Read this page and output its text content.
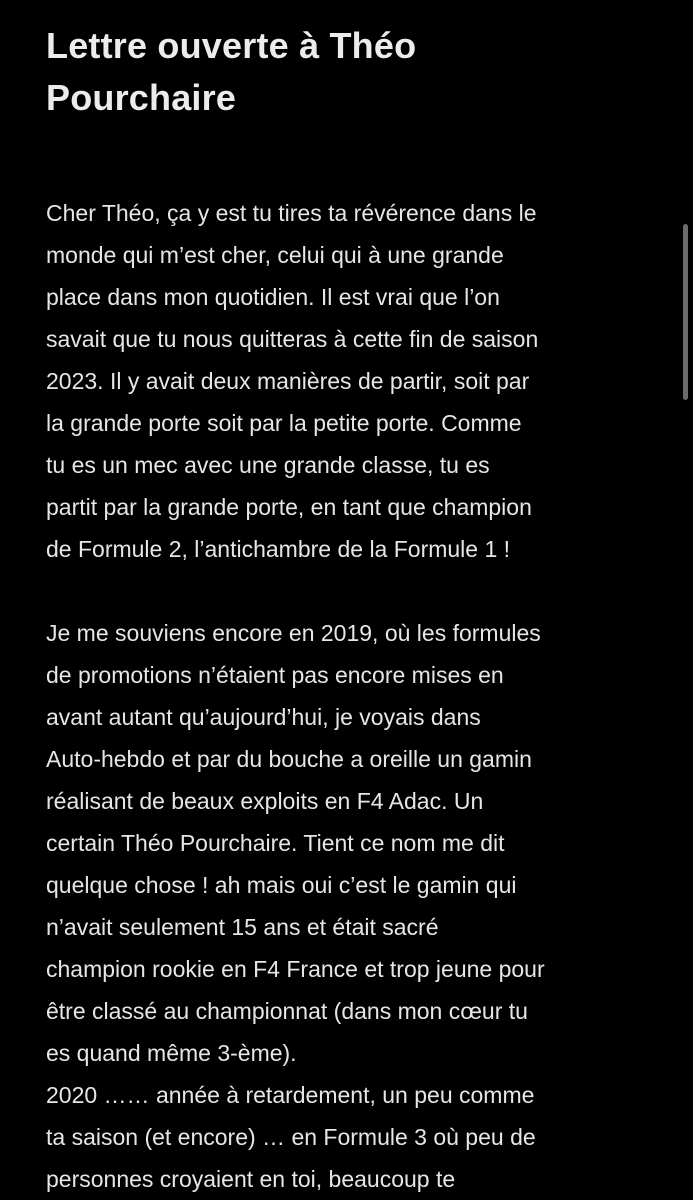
Lettre ouverte à Théo
Pourchaire
Cher Théo, ça y est tu tires ta révérence dans le
monde qui m’est cher, celui qui à une grande
place dans mon quotidien. Il est vrai que l’on
savait que tu nous quitteras à cette fin de saison
2023. Il y avait deux manières de partir, soit par
la grande porte soit par la petite porte. Comme
tu es un mec avec une grande classe, tu es
partit par la grande porte, en tant que champion
de Formule 2, l’antichambre de la Formule 1 !
Je me souviens encore en 2019, où les formules
de promotions n’étaient pas encore mises en
avant autant qu’aujourd’hui, je voyais dans
Auto-hebdo et par du bouche a oreille un gamin
réalisant de beaux exploits en F4 Adac. Un
certain Théo Pourchaire. Tient ce nom me dit
quelque chose ! ah mais oui c’est le gamin qui
n’avait seulement 15 ans et était sacré
champion rookie en F4 France et trop jeune pour
être classé au championnat (dans mon cœur tu
es quand même 3-ème).
2020 …… année à retardement, un peu comme
ta saison (et encore) … en Formule 3 où peu de
personnes croyaient en toi, beaucoup te
